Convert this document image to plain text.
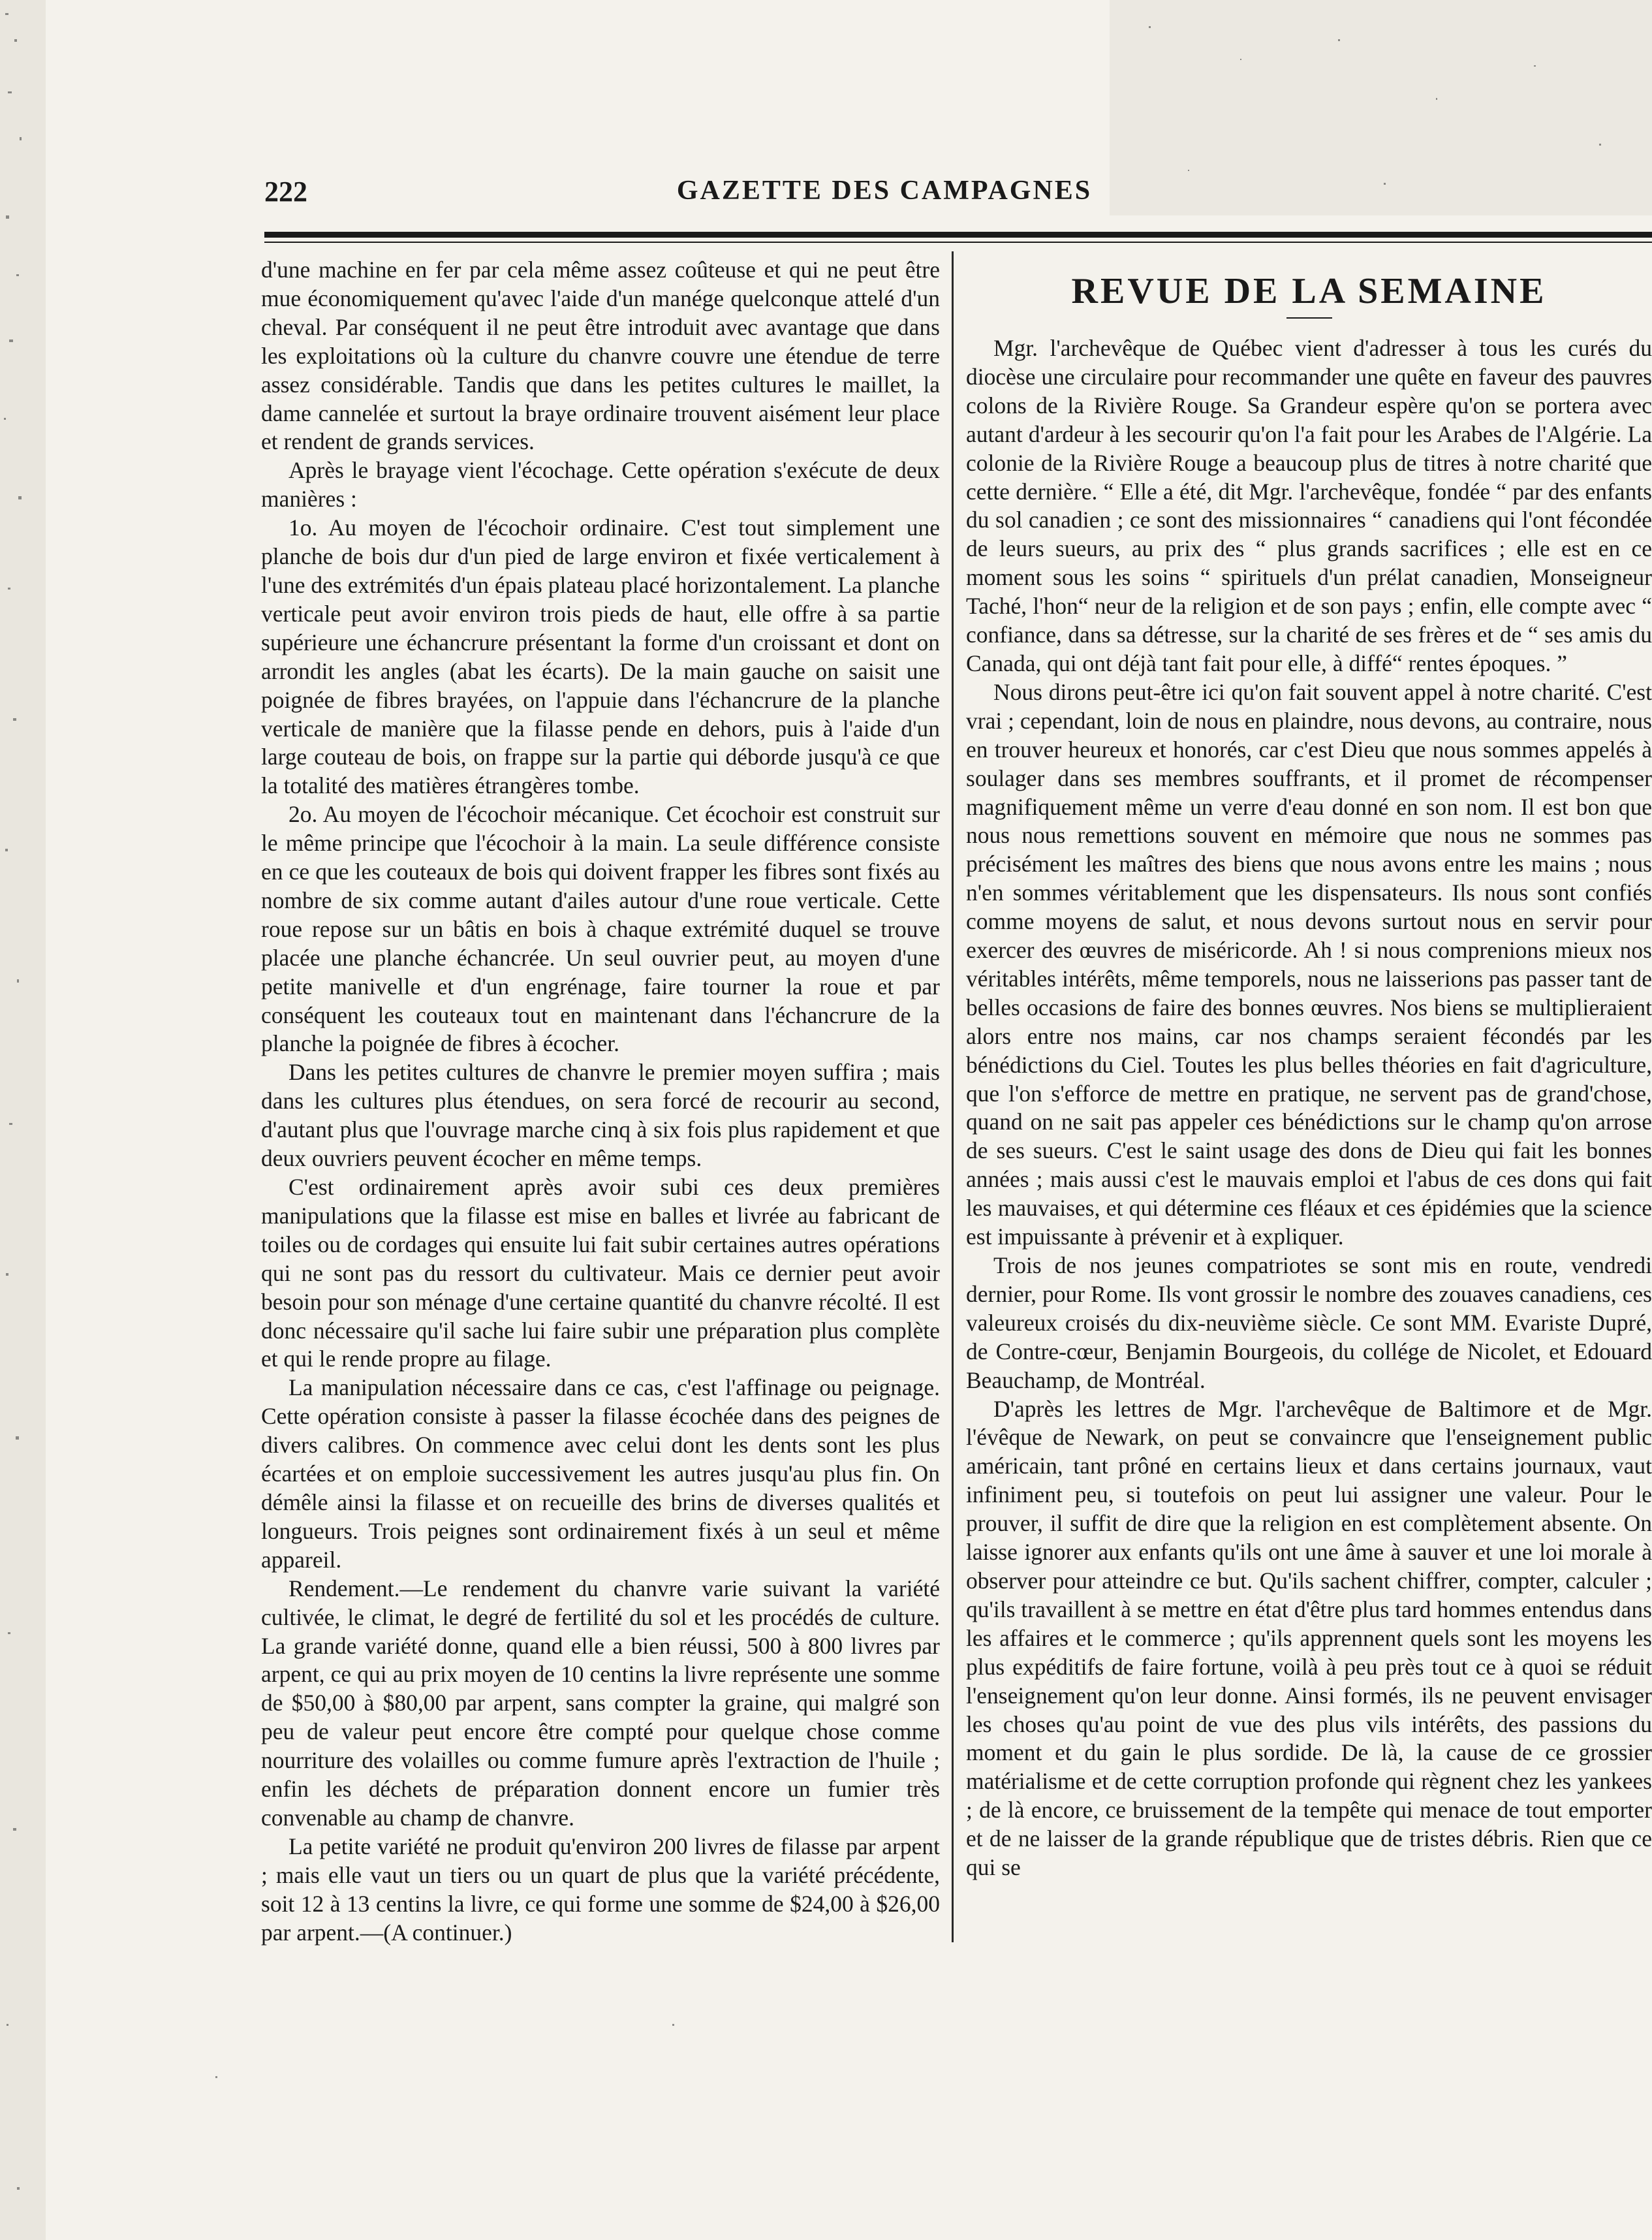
222	GAZETTE DES CAMPAGNES

d'une machine en fer par cela même assez coûteuse et qui ne peut être mue économiquement qu'avec l'aide d'un manége quelconque attelé d'un cheval. Par conséquent il ne peut être introduit avec avantage que dans les exploitations où la culture du chanvre couvre une étendue de terre assez considérable. Tandis que dans les petites cultures le maillet, la dame cannelée et surtout la braye ordinaire trouvent aisément leur place et rendent de grands services.

Après le brayage vient l'écochage. Cette opération s'exécute de deux manières :

1o. Au moyen de l'écochoir ordinaire. C'est tout simplement une planche de bois dur d'un pied de large environ et fixée verticalement à l'une des extrémités d'un épais plateau placé horizontalement. La planche verticale peut avoir environ trois pieds de haut, elle offre à sa partie supérieure une échancrure présentant la forme d'un croissant et dont on arrondit les angles (abat les écarts). De la main gauche on saisit une poignée de fibres brayées, on l'appuie dans l'échancrure de la planche verticale de manière que la filasse pende en dehors, puis à l'aide d'un large couteau de bois, on frappe sur la partie qui déborde jusqu'à ce que la totalité des matières étrangères tombe.

2o. Au moyen de l'écochoir mécanique. Cet écochoir est construit sur le même principe que l'écochoir à la main. La seule différence consiste en ce que les couteaux de bois qui doivent frapper les fibres sont fixés au nombre de six comme autant d'ailes autour d'une roue verticale. Cette roue repose sur un bâtis en bois à chaque extrémité duquel se trouve placée une planche échancrée. Un seul ouvrier peut, au moyen d'une petite manivelle et d'un engrénage, faire tourner la roue et par conséquent les couteaux tout en maintenant dans l'échancrure de la planche la poignée de fibres à écocher.

Dans les petites cultures de chanvre le premier moyen suffira ; mais dans les cultures plus étendues, on sera forcé de recourir au second, d'autant plus que l'ouvrage marche cinq à six fois plus rapidement et que deux ouvriers peuvent écocher en même temps.

C'est ordinairement après avoir subi ces deux premières manipulations que la filasse est mise en balles et livrée au fabricant de toiles ou de cordages qui ensuite lui fait subir certaines autres opérations qui ne sont pas du ressort du cultivateur. Mais ce dernier peut avoir besoin pour son ménage d'une certaine quantité du chanvre récolté. Il est donc nécessaire qu'il sache lui faire subir une préparation plus complète et qui le rende propre au filage.

La manipulation nécessaire dans ce cas, c'est l'affinage ou peignage. Cette opération consiste à passer la filasse écochée dans des peignes de divers calibres. On commence avec celui dont les dents sont les plus écartées et on emploie successivement les autres jusqu'au plus fin. On démêle ainsi la filasse et on recueille des brins de diverses qualités et longueurs. Trois peignes sont ordinairement fixés à un seul et même appareil.

Rendement.—Le rendement du chanvre varie suivant la variété cultivée, le climat, le degré de fertilité du sol et les procédés de culture. La grande variété donne, quand elle a bien réussi, 500 à 800 livres par arpent, ce qui au prix moyen de 10 centins la livre représente une somme de $50,00 à $80,00 par arpent, sans compter la graine, qui malgré son peu de valeur peut encore être compté pour quelque chose comme nourriture des volailles ou comme fumure après l'extraction de l'huile ; enfin les déchets de préparation donnent encore un fumier très convenable au champ de chanvre.

La petite variété ne produit qu'environ 200 livres de filasse par arpent ; mais elle vaut un tiers ou un quart de plus que la variété précédente, soit 12 à 13 centins la livre, ce qui forme une somme de $24,00 à $26,00 par arpent.—(A continuer.)

REVUE DE LA SEMAINE

Mgr. l'archevêque de Québec vient d'adresser à tous les curés du diocèse une circulaire pour recommander une quête en faveur des pauvres colons de la Rivière Rouge. Sa Grandeur espère qu'on se portera avec autant d'ardeur à les secourir qu'on l'a fait pour les Arabes de l'Algérie. La colonie de la Rivière Rouge a beaucoup plus de titres à notre charité que cette dernière. “ Elle a été, dit Mgr. l'archevêque, fondée “ par des enfants du sol canadien ; ce sont des missionnaires “ canadiens qui l'ont fécondée de leurs sueurs, au prix des “ plus grands sacrifices ; elle est en ce moment sous les soins “ spirituels d'un prélat canadien, Monseigneur Taché, l'hon“ neur de la religion et de son pays ; enfin, elle compte avec “ confiance, dans sa détresse, sur la charité de ses frères et de “ ses amis du Canada, qui ont déjà tant fait pour elle, à diffé“ rentes époques. ”

Nous dirons peut-être ici qu'on fait souvent appel à notre charité. C'est vrai ; cependant, loin de nous en plaindre, nous devons, au contraire, nous en trouver heureux et honorés, car c'est Dieu que nous sommes appelés à soulager dans ses membres souffrants, et il promet de récompenser magnifiquement même un verre d'eau donné en son nom. Il est bon que nous nous remettions souvent en mémoire que nous ne sommes pas précisément les maîtres des biens que nous avons entre les mains ; nous n'en sommes véritablement que les dispensateurs. Ils nous sont confiés comme moyens de salut, et nous devons surtout nous en servir pour exercer des œuvres de miséricorde. Ah ! si nous comprenions mieux nos véritables intérêts, même temporels, nous ne laisserions pas passer tant de belles occasions de faire des bonnes œuvres. Nos biens se multiplieraient alors entre nos mains, car nos champs seraient fécondés par les bénédictions du Ciel. Toutes les plus belles théories en fait d'agriculture, que l'on s'efforce de mettre en pratique, ne servent pas de grand'chose, quand on ne sait pas appeler ces bénédictions sur le champ qu'on arrose de ses sueurs. C'est le saint usage des dons de Dieu qui fait les bonnes années ; mais aussi c'est le mauvais emploi et l'abus de ces dons qui fait les mauvaises, et qui détermine ces fléaux et ces épidémies que la science est impuissante à prévenir et à expliquer.

Trois de nos jeunes compatriotes se sont mis en route, vendredi dernier, pour Rome. Ils vont grossir le nombre des zouaves canadiens, ces valeureux croisés du dix-neuvième siècle. Ce sont MM. Evariste Dupré, de Contre-cœur, Benjamin Bourgeois, du collége de Nicolet, et Edouard Beauchamp, de Montréal.

D'après les lettres de Mgr. l'archevêque de Baltimore et de Mgr. l'évêque de Newark, on peut se convaincre que l'enseignement public américain, tant prôné en certains lieux et dans certains journaux, vaut infiniment peu, si toutefois on peut lui assigner une valeur. Pour le prouver, il suffit de dire que la religion en est complètement absente. On laisse ignorer aux enfants qu'ils ont une âme à sauver et une loi morale à observer pour atteindre ce but. Qu'ils sachent chiffrer, compter, calculer ; qu'ils travaillent à se mettre en état d'être plus tard hommes entendus dans les affaires et le commerce ; qu'ils apprennent quels sont les moyens les plus expéditifs de faire fortune, voilà à peu près tout ce à quoi se réduit l'enseignement qu'on leur donne. Ainsi formés, ils ne peuvent envisager les choses qu'au point de vue des plus vils intérêts, des passions du moment et du gain le plus sordide. De là, la cause de ce grossier matérialisme et de cette corruption profonde qui règnent chez les yankees ; de là encore, ce bruissement de la tempête qui menace de tout emporter et de ne laisser de la grande république que de tristes débris. Rien que ce qui se
